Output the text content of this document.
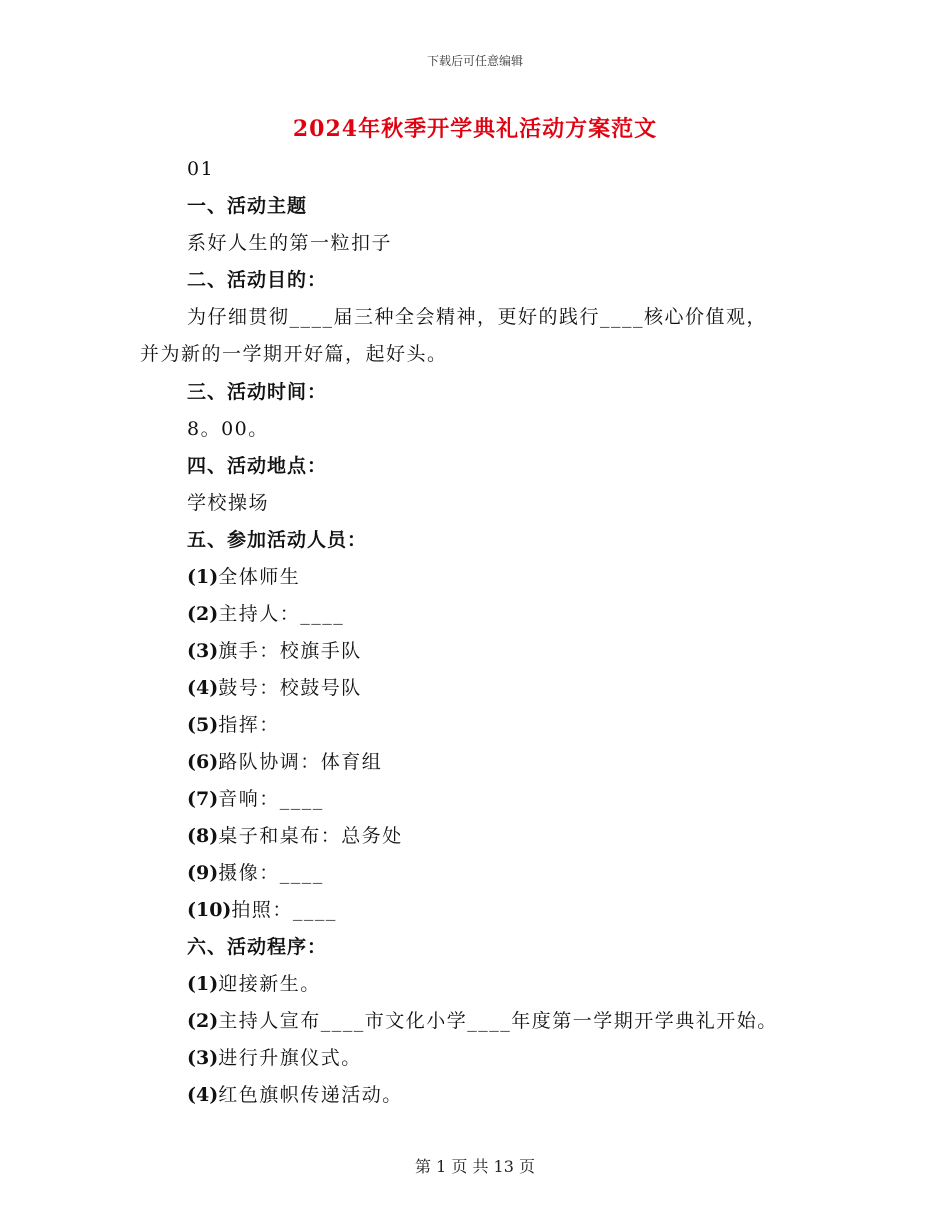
下载后可任意编辑
2024年秋季开学典礼活动方案范文
01
一、活动主题
系好人生的第一粒扣子
二、活动目的：
为仔细贯彻____届三种全会精神，更好的践行____核心价值观，
并为新的一学期开好篇，起好头。
三、活动时间：
8。00。
四、活动地点：
学校操场
五、参加活动人员：
(1)全体师生
(2)主持人：____
(3)旗手：校旗手队
(4)鼓号：校鼓号队
(5)指挥：
(6)路队协调：体育组
(7)音响：____
(8)桌子和桌布：总务处
(9)摄像：____
(10)拍照：____
六、活动程序：
(1)迎接新生。
(2)主持人宣布____市文化小学____年度第一学期开学典礼开始。
(3)进行升旗仪式。
(4)红色旗帜传递活动。
第 1 页 共 13 页
